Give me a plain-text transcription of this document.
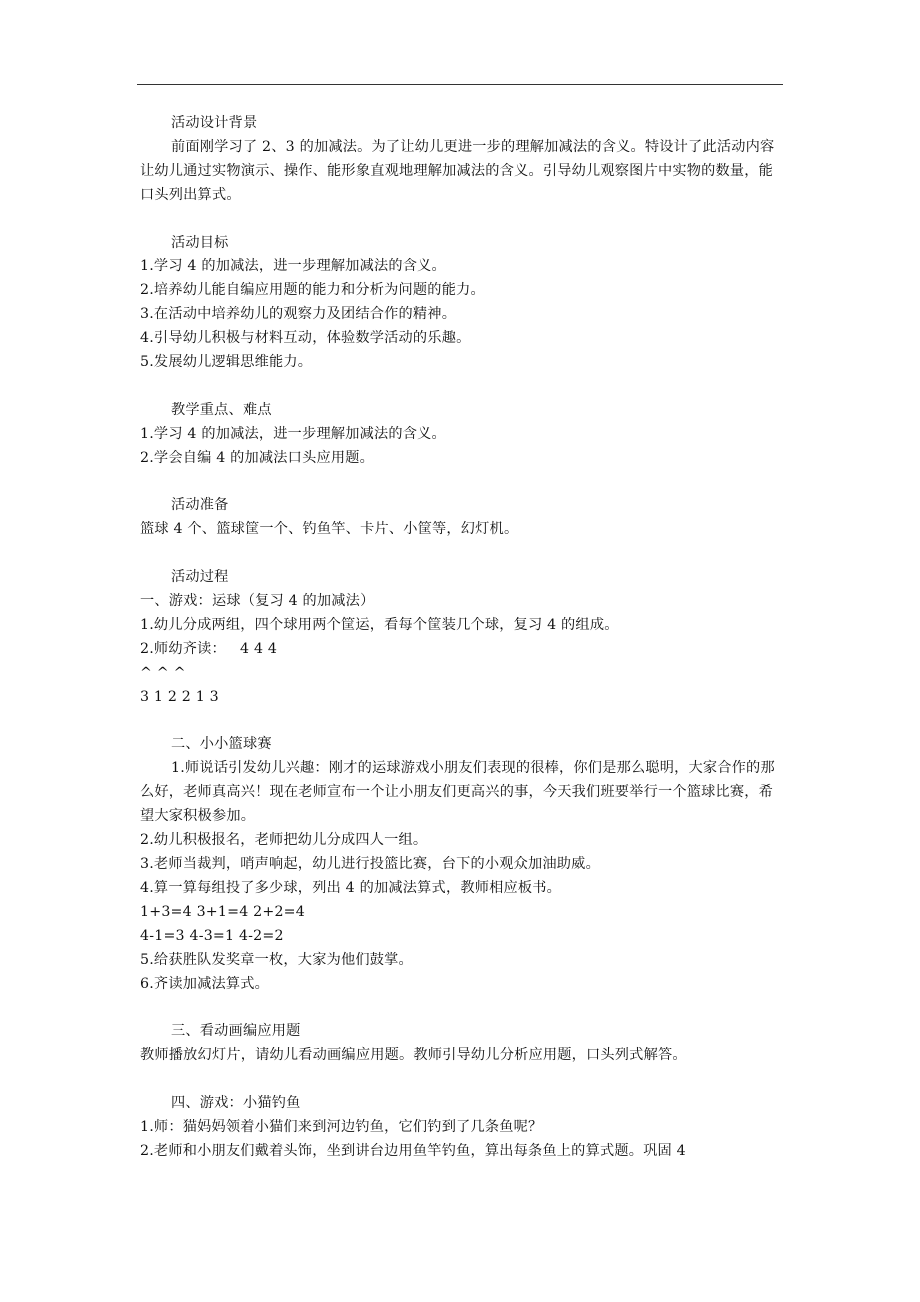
活动设计背景

前面刚学习了 2、3 的加减法。为了让幼儿更进一步的理解加减法的含义。特设计了此活动内容让幼儿通过实物演示、操作、能形象直观地理解加减法的含义。引导幼儿观察图片中实物的数量，能口头列出算式。

活动目标

1.学习 4 的加减法，进一步理解加减法的含义。

2.培养幼儿能自编应用题的能力和分析为问题的能力。

3.在活动中培养幼儿的观察力及团结合作的精神。

4.引导幼儿积极与材料互动，体验数学活动的乐趣。

5.发展幼儿逻辑思维能力。

教学重点、难点

1.学习 4 的加减法，进一步理解加减法的含义。

2.学会自编 4 的加减法口头应用题。

活动准备

篮球 4 个、篮球筐一个、钓鱼竿、卡片、小筐等，幻灯机。

活动过程

一、游戏：运球（复习 4 的加减法）

1.幼儿分成两组，四个球用两个筐运，看每个筐装几个球，复习 4 的组成。

2.师幼齐读：   4 4 4

^ ^ ^

3 1 2 2 1 3

二、小小篮球赛

1.师说话引发幼儿兴趣：刚才的运球游戏小朋友们表现的很棒，你们是那么聪明，大家合作的那么好，老师真高兴！现在老师宣布一个让小朋友们更高兴的事，今天我们班要举行一个篮球比赛，希望大家积极参加。

2.幼儿积极报名，老师把幼儿分成四人一组。

3.老师当裁判，哨声响起，幼儿进行投篮比赛，台下的小观众加油助威。

4.算一算每组投了多少球，列出 4 的加减法算式，教师相应板书。

1+3=4 3+1=4 2+2=4

4-1=3 4-3=1 4-2=2

5.给获胜队发奖章一枚，大家为他们鼓掌。

6.齐读加减法算式。

三、看动画编应用题

教师播放幻灯片，请幼儿看动画编应用题。教师引导幼儿分析应用题，口头列式解答。

四、游戏：小猫钓鱼

1.师：猫妈妈领着小猫们来到河边钓鱼，它们钓到了几条鱼呢？

2.老师和小朋友们戴着头饰，坐到讲台边用鱼竿钓鱼，算出每条鱼上的算式题。巩固 4
